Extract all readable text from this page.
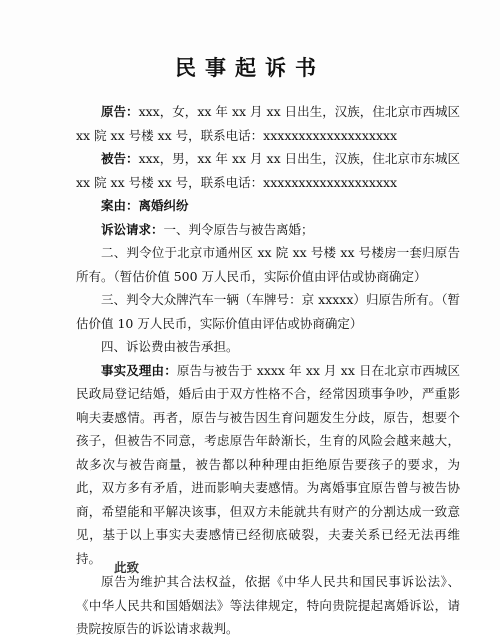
民事起诉书

原告：xxx，女，xx 年 xx 月 xx 日出生，汉族，住北京市西城区 xx 院 xx 号楼 xx 号，联系电话：xxxxxxxxxxxxxxxxxxx

被告：xxx，男，xx 年 xx 月 xx 日出生，汉族，住北京市东城区 xx 院 xx 号楼 xx 号，联系电话：xxxxxxxxxxxxxxxxxxx

案由：离婚纠纷

诉讼请求：一、判令原告与被告离婚；

二、判令位于北京市通州区 xx 院 xx 号楼 xx 号楼房一套归原告所有。（暂估价值 500 万人民币，实际价值由评估或协商确定）

三、判令大众牌汽车一辆（车牌号：京 xxxxx）归原告所有。（暂估价值 10 万人民币，实际价值由评估或协商确定）

四、诉讼费由被告承担。

事实及理由：原告与被告于 xxxx 年 xx 月 xx 日在北京市西城区民政局登记结婚，婚后由于双方性格不合，经常因琐事争吵，严重影响夫妻感情。再者，原告与被告因生育问题发生分歧，原告，想要个孩子，但被告不同意，考虑原告年龄渐长，生育的风险会越来越大，故多次与被告商量，被告都以种种理由拒绝原告要孩子的要求，为此，双方多有矛盾，进而影响夫妻感情。为离婚事宜原告曾与被告协商，希望能和平解决该事，但双方未能就共有财产的分割达成一致意见，基于以上事实夫妻感情已经彻底破裂，夫妻关系已经无法再维持。

原告为维护其合法权益，依据《中华人民共和国民事诉讼法》、《中华人民共和国婚姻法》等法律规定，特向贵院提起离婚诉讼，请贵院按原告的诉讼请求裁判。

此致
